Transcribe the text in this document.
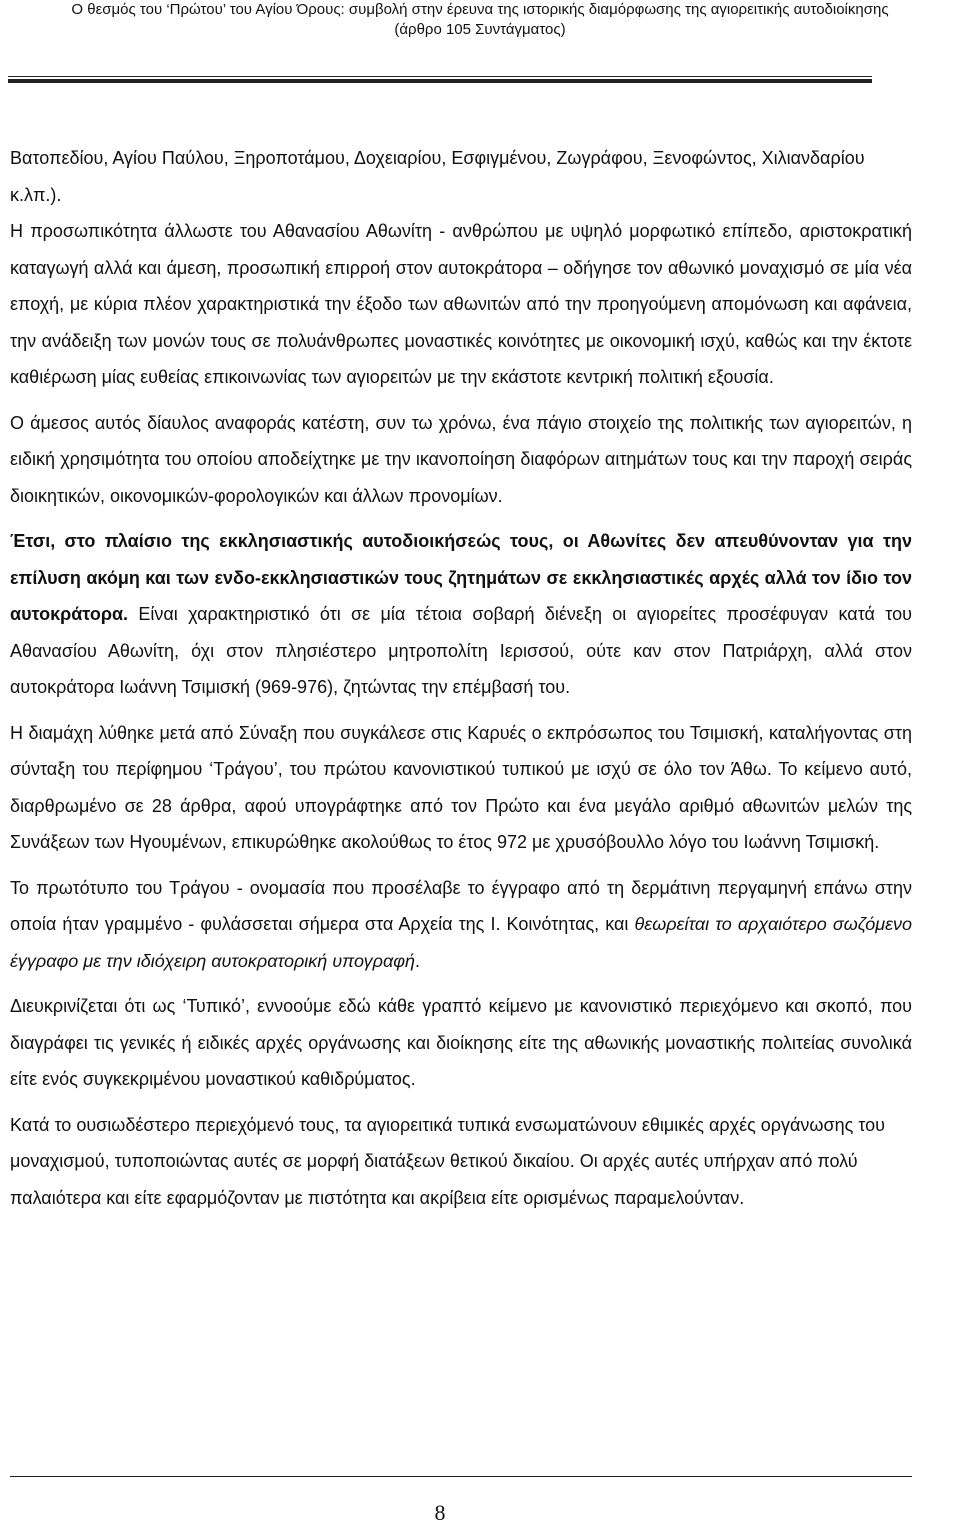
Ο θεσμός του ‘Πρώτου’ του Αγίου Όρους: συμβολή στην έρευνα της ιστορικής διαμόρφωσης της αγιορειτικής αυτοδιοίκησης
(άρθρο 105 Συντάγματος)

Βατοπεδίου, Αγίου Παύλου, Ξηροποτάμου, Δοχειαρίου, Εσφιγμένου, Ζωγράφου, Ξενοφώντος, Χιλιανδαρίου κ.λπ.).

Η προσωπικότητα άλλωστε του Αθανασίου Αθωνίτη - ανθρώπου με υψηλό μορφωτικό επίπεδο, αριστοκρατική καταγωγή αλλά και άμεση, προσωπική επιρροή στον αυτοκράτορα – οδήγησε τον αθωνικό μοναχισμό σε μία νέα εποχή, με κύρια πλέον χαρακτηριστικά την έξοδο των αθωνιτών από την προηγούμενη απομόνωση και αφάνεια, την ανάδειξη των μονών τους σε πολυάνθρωπες μοναστικές κοινότητες με οικονομική ισχύ, καθώς και την έκτοτε καθιέρωση μίας ευθείας επικοινωνίας των αγιορειτών με την εκάστοτε κεντρική πολιτική εξουσία.

Ο άμεσος αυτός δίαυλος αναφοράς κατέστη, συν τω χρόνω, ένα πάγιο στοιχείο της πολιτικής των αγιορειτών, η ειδική χρησιμότητα του οποίου αποδείχτηκε με την ικανοποίηση διαφόρων αιτημάτων τους και την παροχή σειράς διοικητικών, οικονομικών-φορολογικών και άλλων προνομίων.

Έτσι, στο πλαίσιο της εκκλησιαστικής αυτοδιοικήσεώς τους, οι Αθωνίτες δεν απευθύνονταν για την επίλυση ακόμη και των ενδο-εκκλησιαστικών τους ζητημάτων σε εκκλησιαστικές αρχές αλλά τον ίδιο τον αυτοκράτορα. Είναι χαρακτηριστικό ότι σε μία τέτοια σοβαρή διένεξη οι αγιορείτες προσέφυγαν κατά του Αθανασίου Αθωνίτη, όχι στον πλησιέστερο μητροπολίτη Ιερισσού, ούτε καν στον Πατριάρχη, αλλά στον αυτοκράτορα Ιωάννη Τσιμισκή (969-976), ζητώντας την επέμβασή του.

Η διαμάχη λύθηκε μετά από Σύναξη που συγκάλεσε στις Καρυές ο εκπρόσωπος του Τσιμισκή, καταλήγοντας στη σύνταξη του περίφημου ‘Τράγου’, του πρώτου κανονιστικού τυπικού με ισχύ σε όλο τον Άθω. Το κείμενο αυτό, διαρθρωμένο σε 28 άρθρα, αφού υπογράφτηκε από τον Πρώτο και ένα μεγάλο αριθμό αθωνιτών μελών της Συνάξεων των Ηγουμένων, επικυρώθηκε ακολούθως το έτος 972 με χρυσόβουλλο λόγο του Ιωάννη Τσιμισκή.

Το πρωτότυπο του Τράγου - ονομασία που προσέλαβε το έγγραφο από τη δερμάτινη περγαμηνή επάνω στην οποία ήταν γραμμένο - φυλάσσεται σήμερα στα Αρχεία της Ι. Κοινότητας, και θεωρείται το αρχαιότερο σωζόμενο έγγραφο με την ιδιόχειρη αυτοκρατορική υπογραφή.

Διευκρινίζεται ότι ως ‘Τυπικό’, εννοούμε εδώ κάθε γραπτό κείμενο με κανονιστικό περιεχόμενο και σκοπό, που διαγράφει τις γενικές ή ειδικές αρχές οργάνωσης και διοίκησης είτε της αθωνικής μοναστικής πολιτείας συνολικά είτε ενός συγκεκριμένου μοναστικού καθιδρύματος.

Κατά το ουσιωδέστερο περιεχόμενό τους, τα αγιορειτικά τυπικά ενσωματώνουν εθιμικές αρχές οργάνωσης του μοναχισμού, τυποποιώντας αυτές σε μορφή διατάξεων θετικού δικαίου. Οι αρχές αυτές υπήρχαν από πολύ παλαιότερα και είτε εφαρμόζονταν με πιστότητα και ακρίβεια είτε ορισμένως παραμελούνταν.

8
